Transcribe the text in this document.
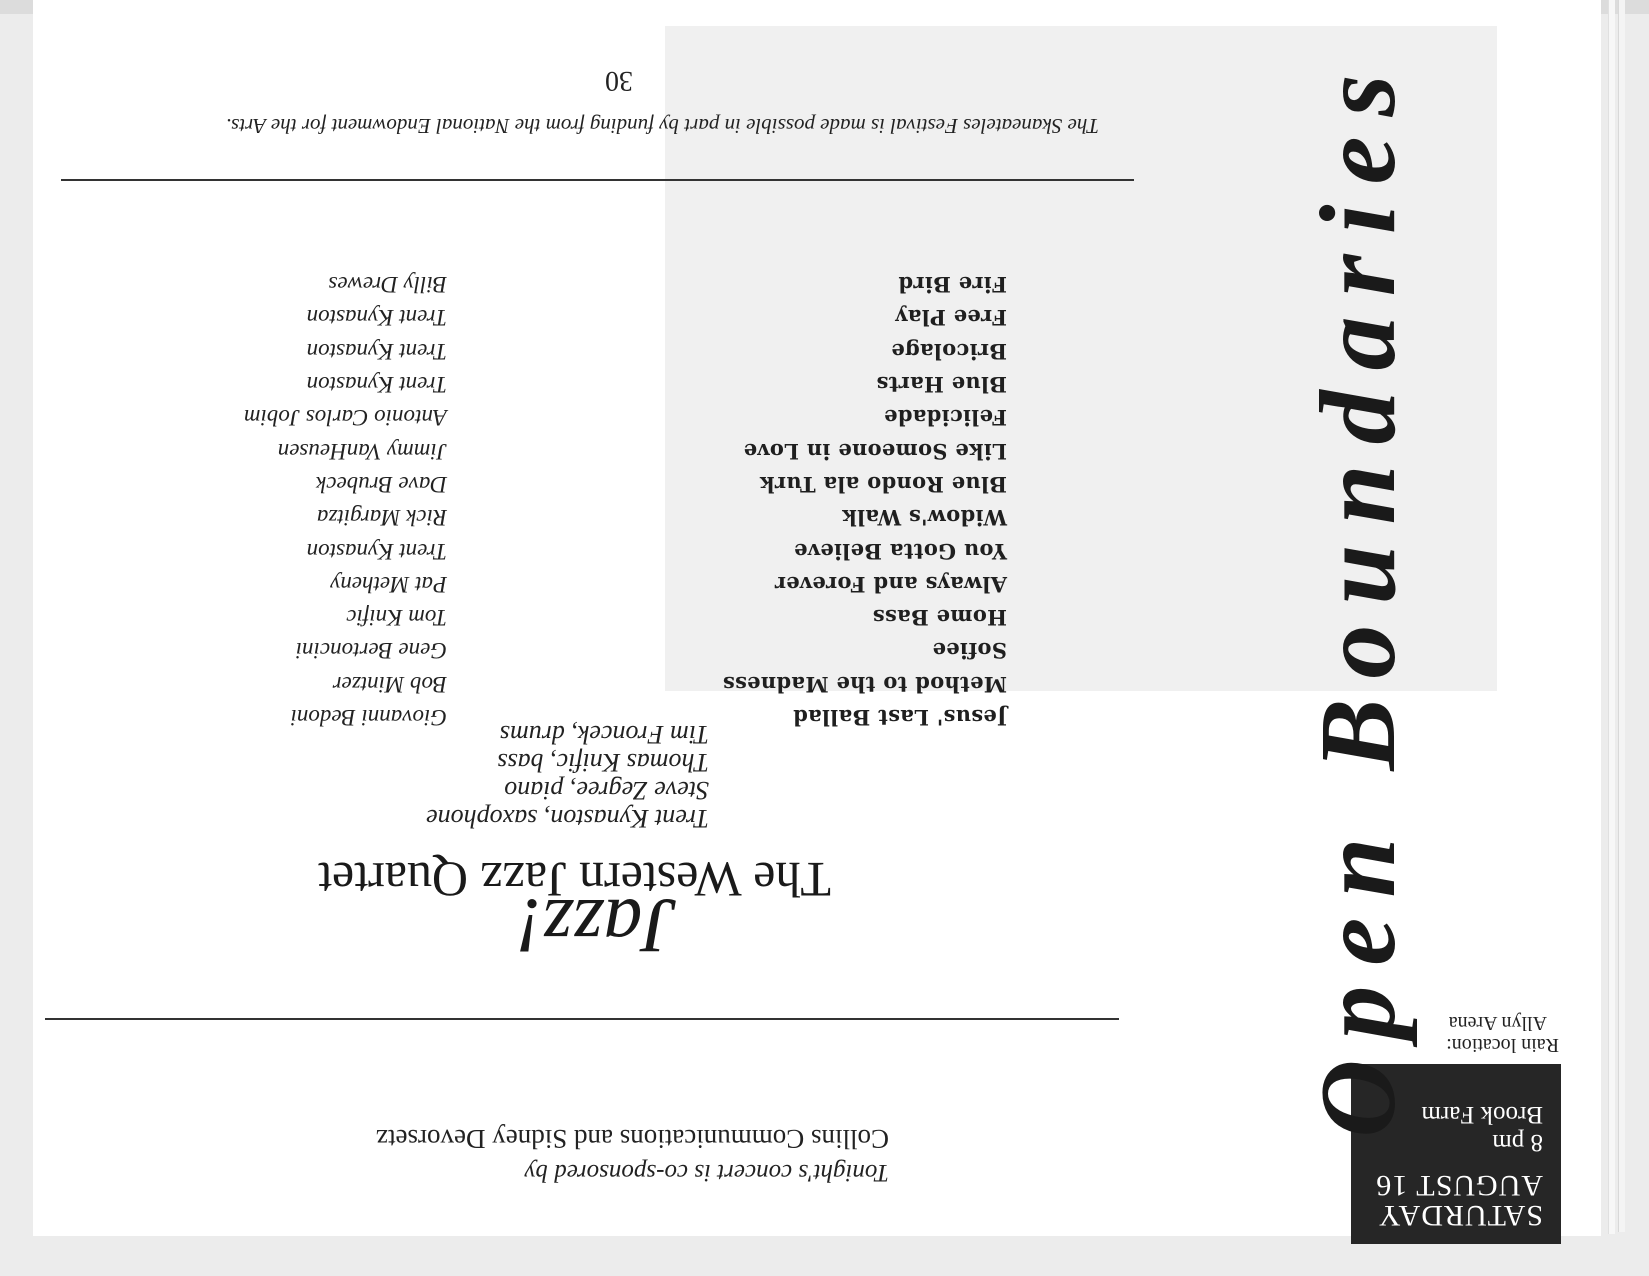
SATURDAY
AUGUST 16
8 pm
Brook Farm
Rain location:
Allyn Arena
Open Boundaries
Tonight's concert is co-sponsored by
Collins Communications and Sidney Devorsetz
Jazz!
The Western Jazz Quartet
Trent Kynaston, saxophone
Steve Zegree, piano
Thomas Knific, bass
Tim Froncek, drums
Jesus' Last Ballad
Giovanni Bedoni
Method to the Madness
Bob Mintzer
Sofiee
Gene Bertoncini
Home Bass
Tom Knific
Always and Forever
Pat Metheny
You Gotta Believe
Trent Kynaston
Widow's Walk
Rick Margitza
Blue Rondo ala Turk
Dave Brubeck
Like Someone in Love
Jimmy VanHeusen
Felicidade
Antonio Carlos Jobim
Blue Harts
Trent Kynaston
Bricolage
Trent Kynaston
Free Play
Trent Kynaston
Fire Bird
Billy Drewes
The Skaneateles Festival is made possible in part by funding from the National Endowment for the Arts.
30
